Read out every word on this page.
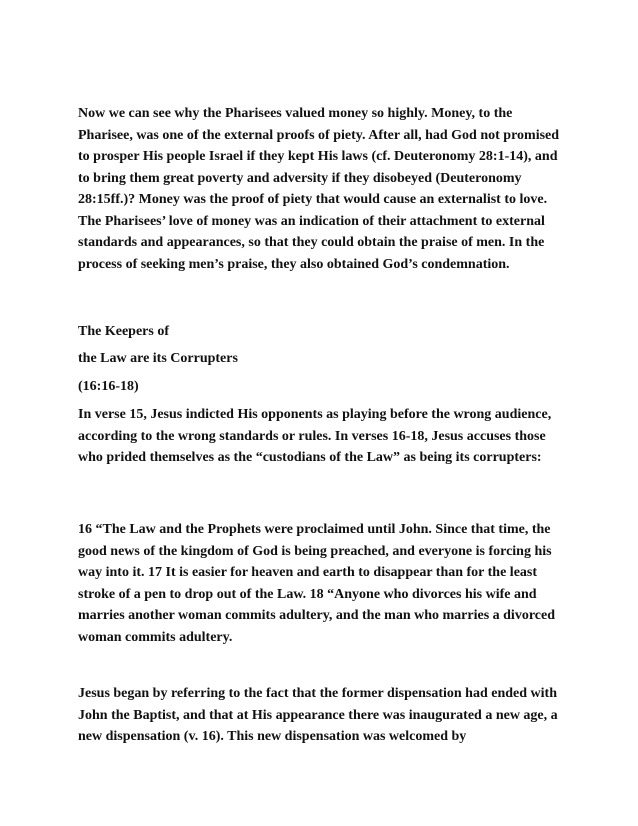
Now we can see why the Pharisees valued money so highly. Money, to the Pharisee, was one of the external proofs of piety. After all, had God not promised to prosper His people Israel if they kept His laws (cf. Deuteronomy 28:1-14), and to bring them great poverty and adversity if they disobeyed (Deuteronomy 28:15ff.)? Money was the proof of piety that would cause an externalist to love. The Pharisees’ love of money was an indication of their attachment to external standards and appearances, so that they could obtain the praise of men. In the process of seeking men’s praise, they also obtained God’s condemnation.
The Keepers of
the Law are its Corrupters
(16:16-18)
In verse 15, Jesus indicted His opponents as playing before the wrong audience, according to the wrong standards or rules. In verses 16-18, Jesus accuses those who prided themselves as the “custodians of the Law” as being its corrupters:
16 “The Law and the Prophets were proclaimed until John. Since that time, the good news of the kingdom of God is being preached, and everyone is forcing his way into it. 17 It is easier for heaven and earth to disappear than for the least stroke of a pen to drop out of the Law. 18 “Anyone who divorces his wife and marries another woman commits adultery, and the man who marries a divorced woman commits adultery.
Jesus began by referring to the fact that the former dispensation had ended with John the Baptist, and that at His appearance there was inaugurated a new age, a new dispensation (v. 16). This new dispensation was welcomed by
